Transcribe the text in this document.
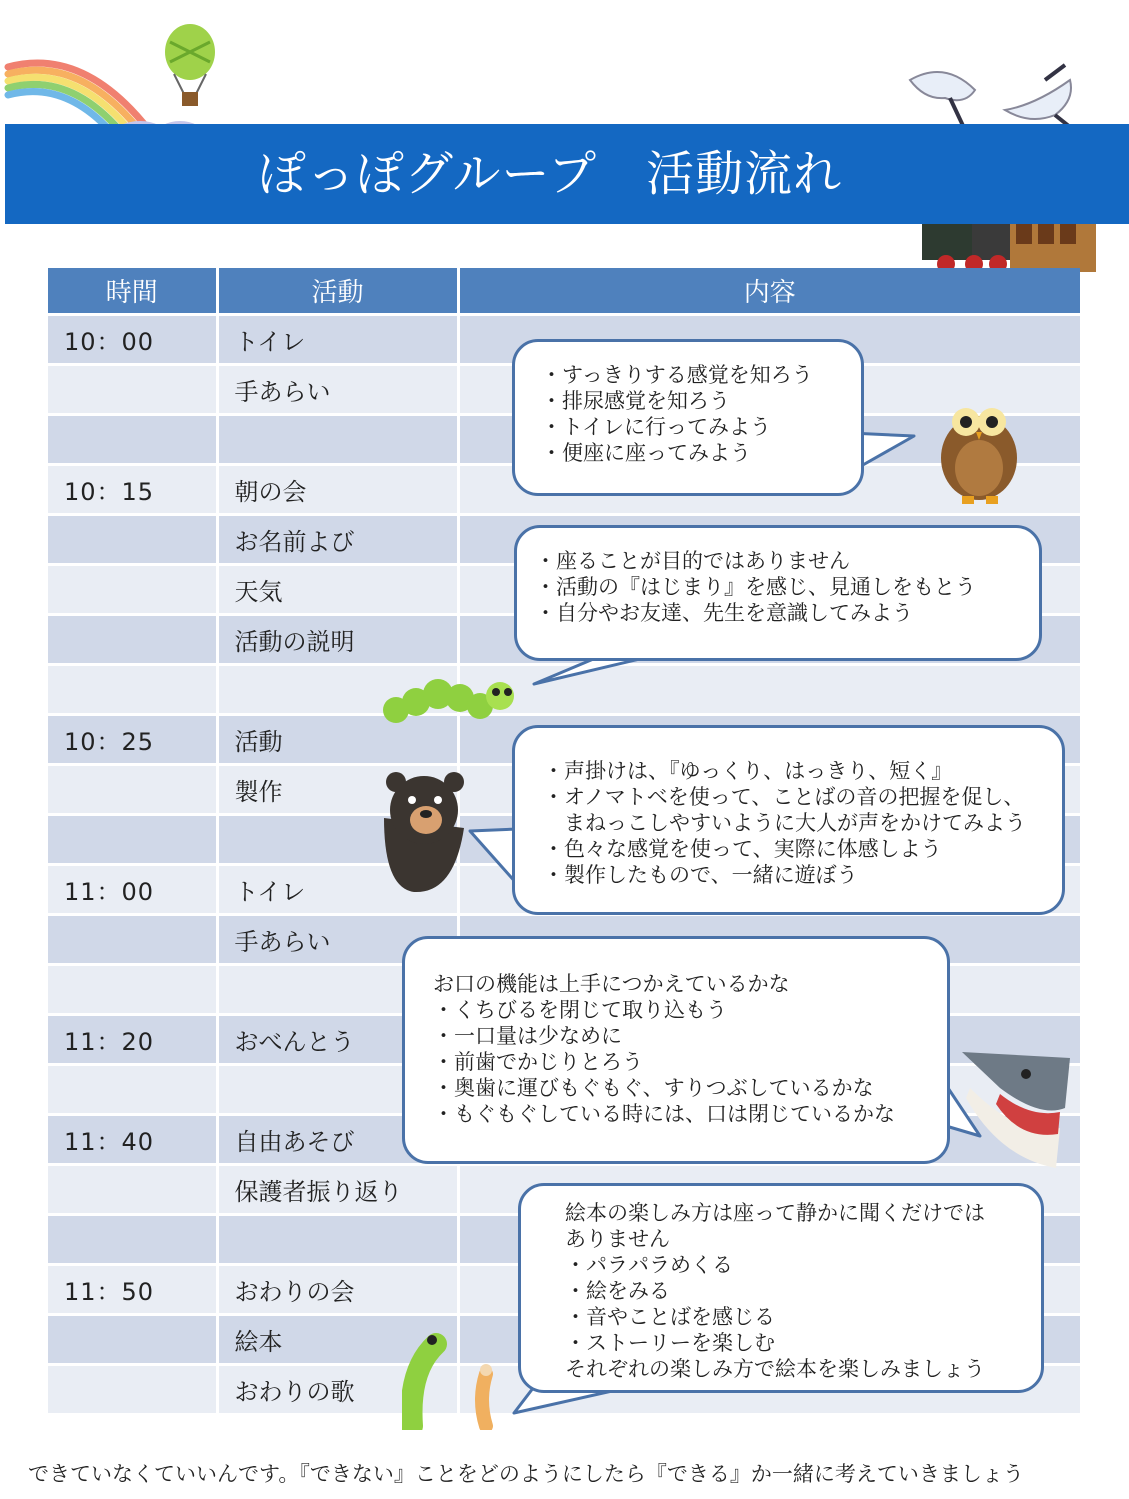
ぽっぽグループ　活動流れ
時間	活動	内容
10：00	トイレ	
	手あらい	

10：15	朝の会	
	お名前よび	
	天気	
	活動の説明	

10：25	活動	
	製作	

11：00	トイレ	
	手あらい	

11：20	おべんとう	

11：40	自由あそび	
	保護者振り返り	

11：50	おわりの会	
	絵本	
	おわりの歌	
・すっきりする感覚を知ろう
・排尿感覚を知ろう
・トイレに行ってみよう
・便座に座ってみよう
・座ることが目的ではありません
・活動の『はじまり』を感じ、見通しをもとう
・自分やお友達、先生を意識してみよう
・声掛けは、『ゆっくり、はっきり、短く』
・オノマトベを使って、ことばの音の把握を促し、
　まねっこしやすいように大人が声をかけてみよう
・色々な感覚を使って、実際に体感しよう
・製作したもので、一緒に遊ぼう
お口の機能は上手につかえているかな
・くちびるを閉じて取り込もう
・一口量は少なめに
・前歯でかじりとろう
・奥歯に運びもぐもぐ、すりつぶしているかな
・もぐもぐしている時には、口は閉じているかな
絵本の楽しみ方は座って静かに聞くだけでは
ありません
・パラパラめくる
・絵をみる
・音やことばを感じる
・ストーリーを楽しむ
それぞれの楽しみ方で絵本を楽しみましょう
できていなくていいんです。『できない』ことをどのようにしたら『できる』か一緒に考えていきましょう
